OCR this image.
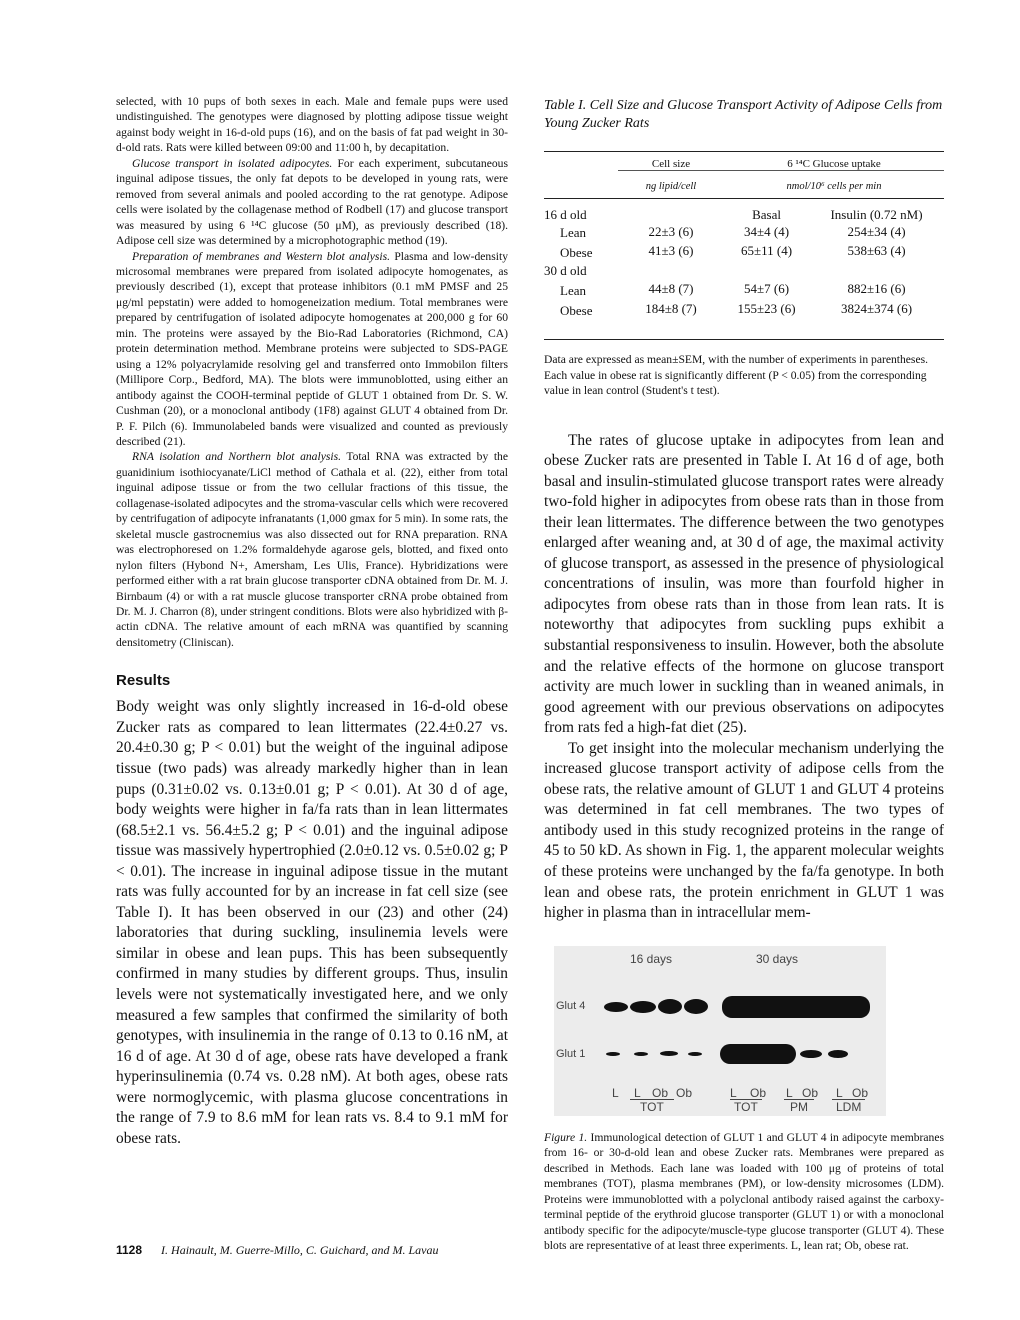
selected, with 10 pups of both sexes in each. Male and female pups were used undistinguished. The genotypes were diagnosed by plotting adipose tissue weight against body weight in 16-d-old pups (16), and on the basis of fat pad weight in 30-d-old rats. Rats were killed between 09:00 and 11:00 h, by decapitation.

Glucose transport in isolated adipocytes. For each experiment, subcutaneous inguinal adipose tissues, the only fat depots to be developed in young rats, were removed from several animals and pooled according to the rat genotype. Adipose cells were isolated by the collagenase method of Rodbell (17) and glucose transport was measured by using 6 ¹⁴C glucose (50 μM), as previously described (18). Adipose cell size was determined by a microphotographic method (19).

Preparation of membranes and Western blot analysis. Plasma and low-density microsomal membranes were prepared from isolated adipocyte homogenates, as previously described (1), except that protease inhibitors (0.1 mM PMSF and 25 μg/ml pepstatin) were added to homogeneization medium. Total membranes were prepared by centrifugation of isolated adipocyte homogenates at 200,000 g for 60 min. The proteins were assayed by the Bio-Rad Laboratories (Richmond, CA) protein determination method. Membrane proteins were subjected to SDS-PAGE using a 12% polyacrylamide resolving gel and transferred onto Immobilon filters (Millipore Corp., Bedford, MA). The blots were immunoblotted, using either an antibody against the COOH-terminal peptide of GLUT 1 obtained from Dr. S. W. Cushman (20), or a monoclonal antibody (1F8) against GLUT 4 obtained from Dr. P. F. Pilch (6). Immunolabeled bands were visualized and counted as previously described (21).

RNA isolation and Northern blot analysis. Total RNA was extracted by the guanidinium isothiocyanate/LiCl method of Cathala et al. (22), either from total inguinal adipose tissue or from the two cellular fractions of this tissue, the collagenase-isolated adipocytes and the stroma-vascular cells which were recovered by centrifugation of adipocyte infranatants (1,000 gmax for 5 min). In some rats, the skeletal muscle gastrocnemius was also dissected out for RNA preparation. RNA was electrophoresed on 1.2% formaldehyde agarose gels, blotted, and fixed onto nylon filters (Hybond N+, Amersham, Les Ulis, France). Hybridizations were performed either with a rat brain glucose transporter cDNA obtained from Dr. M. J. Birnbaum (4) or with a rat muscle glucose transporter cRNA probe obtained from Dr. M. J. Charron (8), under stringent conditions. Blots were also hybridized with β-actin cDNA. The relative amount of each mRNA was quantified by scanning densitometry (Cliniscan).

Results

Body weight was only slightly increased in 16-d-old obese Zucker rats as compared to lean littermates (22.4±0.27 vs. 20.4±0.30 g; P < 0.01) but the weight of the inguinal adipose tissue (two pads) was already markedly higher than in lean pups (0.31±0.02 vs. 0.13±0.01 g; P < 0.01). At 30 d of age, body weights were higher in fa/fa rats than in lean littermates (68.5±2.1 vs. 56.4±5.2 g; P < 0.01) and the inguinal adipose tissue was massively hypertrophied (2.0±0.12 vs. 0.5±0.02 g; P < 0.01). The increase in inguinal adipose tissue in the mutant rats was fully accounted for by an increase in fat cell size (see Table I). It has been observed in our (23) and other (24) laboratories that during suckling, insulinemia levels were similar in obese and lean pups. This has been subsequently confirmed in many studies by different groups. Thus, insulin levels were not systematically investigated here, and we only measured a few samples that confirmed the similarity of both genotypes, with insulinemia in the range of 0.13 to 0.16 nM, at 16 d of age. At 30 d of age, obese rats have developed a frank hyperinsulinemia (0.74 vs. 0.28 nM). At both ages, obese rats were normoglycemic, with plasma glucose concentrations in the range of 7.9 to 8.6 mM for lean rats vs. 8.4 to 9.1 mM for obese rats.

Table I. Cell Size and Glucose Transport Activity of Adipose Cells from Young Zucker Rats

	Cell size	6 ¹⁴C Glucose uptake	
	ng lipid/cell	nmol/10⁶ cells per min	
16 d old		Basal	Insulin (0.72 nM)
Lean	22±3 (6)	34±4 (4)	254±34 (4)
Obese	41±3 (6)	65±11 (4)	538±63 (4)
30 d old			
Lean	44±8 (7)	54±7 (6)	882±16 (6)
Obese	184±8 (7)	155±23 (6)	3824±374 (6)

Data are expressed as mean±SEM, with the number of experiments in parentheses. Each value in obese rat is significantly different (P < 0.05) from the corresponding value in lean control (Student's t test).

The rates of glucose uptake in adipocytes from lean and obese Zucker rats are presented in Table I. At 16 d of age, both basal and insulin-stimulated glucose transport rates were already two-fold higher in adipocytes from obese rats than in those from their lean littermates. The difference between the two genotypes enlarged after weaning and, at 30 d of age, the maximal activity of glucose transport, as assessed in the presence of physiological concentrations of insulin, was more than fourfold higher in adipocytes from obese rats than in those from lean rats. It is noteworthy that adipocytes from suckling pups exhibit a substantial responsiveness to insulin. However, both the absolute and the relative effects of the hormone on glucose transport activity are much lower in suckling than in weaned animals, in good agreement with our previous observations on adipocytes from rats fed a high-fat diet (25).

To get insight into the molecular mechanism underlying the increased glucose transport activity of adipose cells from the obese rats, the relative amount of GLUT 1 and GLUT 4 proteins was determined in fat cell membranes. The two types of antibody used in this study recognized proteins in the range of 45 to 50 kD. As shown in Fig. 1, the apparent molecular weights of these proteins were unchanged by the fa/fa genotype. In both lean and obese rats, the protein enrichment in GLUT 1 was higher in plasma than in intracellular mem-

16 days	30 days
Glut 4
Glut 1
L L Ob Ob	L Ob L Ob L Ob
TOT	TOT	PM	LDM

Figure 1. Immunological detection of GLUT 1 and GLUT 4 in adipocyte membranes from 16- or 30-d-old lean and obese Zucker rats. Membranes were prepared as described in Methods. Each lane was loaded with 100 μg of proteins of total membranes (TOT), plasma membranes (PM), or low-density microsomes (LDM). Proteins were immunoblotted with a polyclonal antibody raised against the carboxy-terminal peptide of the erythroid glucose transporter (GLUT 1) or with a monoclonal antibody specific for the adipocyte/muscle-type glucose transporter (GLUT 4). These blots are representative of at least three experiments. L, lean rat; Ob, obese rat.

1128 I. Hainault, M. Guerre-Millo, C. Guichard, and M. Lavau
